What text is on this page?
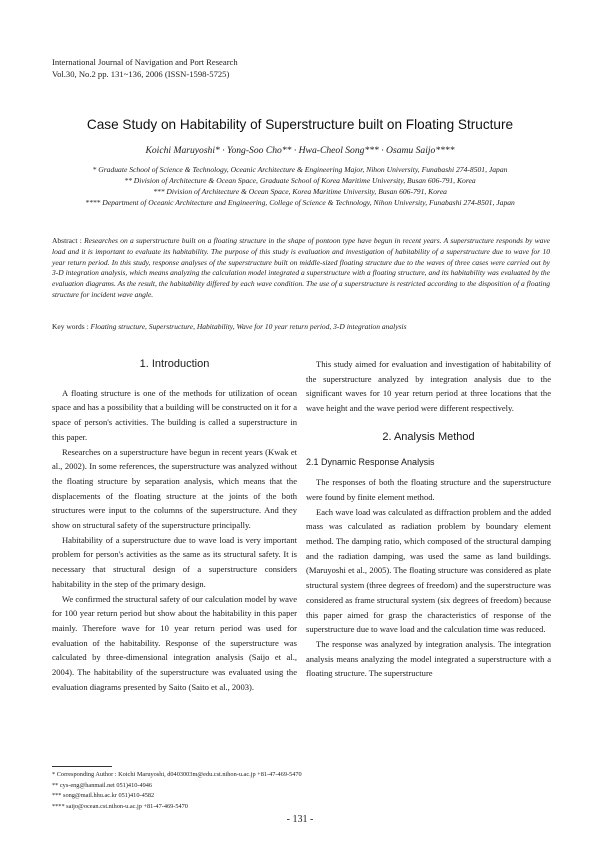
International Journal of Navigation and Port Research
Vol.30, No.2 pp. 131~136, 2006 (ISSN-1598-5725)
Case Study on Habitability of Superstructure built on Floating Structure
Koichi Maruyoshi* · Yong-Soo Cho** · Hwa-Cheol Song*** · Osamu Saijo****
* Graduate School of Science & Technology, Oceanic Architecture & Engineering Major, Nihon University, Funabashi 274-8501, Japan
** Division of Architecture & Ocean Space, Graduate School of Korea Maritime University, Busan 606-791, Korea
*** Division of Architecture & Ocean Space, Korea Maritime University, Busan 606-791, Korea
**** Department of Oceanic Architecture and Engineering, College of Science & Technology, Nihon University, Funabashi 274-8501, Japan
Abstract : Researches on a superstructure built on a floating structure in the shape of pontoon type have begun in recent years. A superstructure responds by wave load and it is important to evaluate its habitability. The purpose of this study is evaluation and investigation of habitability of a superstructure due to wave for 10 year return period. In this study, response analyses of the superstructure built on middle-sized floating structure due to the waves of three cases were carried out by 3-D integration analysis, which means analyzing the calculation model integrated a superstructure with a floating structure, and its habitability was evaluated by the evaluation diagrams. As the result, the habitability differed by each wave condition. The use of a superstructure is restricted according to the disposition of a floating structure for incident wave angle.
Key words : Floating structure, Superstructure, Habitability, Wave for 10 year return period, 3-D integration analysis
1. Introduction

A floating structure is one of the methods for utilization of ocean space and has a possibility that a building will be constructed on it for a space of person's activities. The building is called a superstructure in this paper.

Researches on a superstructure have begun in recent years (Kwak et al., 2002). In some references, the superstructure was analyzed without the floating structure by separation analysis, which means that the displacements of the floating structure at the joints of the both structures were input to the columns of the superstructure. And they show on structural safety of the superstructure principally.

Habitability of a superstructure due to wave load is very important problem for person's activities as the same as its structural safety. It is necessary that structural design of a superstructure considers habitability in the step of the primary design.

We confirmed the structural safety of our calculation model by wave for 100 year return period but show about the habitability in this paper mainly. Therefore wave for 10 year return period was used for evaluation of the habitability. Response of the superstructure was calculated by three-dimensional integration analysis (Saijo et al., 2004). The habitability of the superstructure was evaluated using the evaluation diagrams presented by Saito (Saito et al., 2003).

This study aimed for evaluation and investigation of habitability of the superstructure analyzed by integration analysis due to the significant waves for 10 year return period at three locations that the wave height and the wave period were different respectively.

2. Analysis Method
2.1 Dynamic Response Analysis

The responses of both the floating structure and the superstructure were found by finite element method.

Each wave load was calculated as diffraction problem and the added mass was calculated as radiation problem by boundary element method. The damping ratio, which composed of the structural damping and the radiation damping, was used the same as land buildings. (Maruyoshi et al., 2005). The floating structure was considered as plate structural system (three degrees of freedom) and the superstructure was considered as frame structural system (six degrees of freedom) because this paper aimed for grasp the characteristics of response of the superstructure due to wave load and the calculation time was reduced.

The response was analyzed by integration analysis. The integration analysis means analyzing the model integrated a superstructure with a floating structure. The superstructure

* Corresponding Author : Koichi Maruyoshi, d0403003m@edu.cst.nihon-u.ac.jp +81-47-469-5470
** cys-eng@hanmail.net 051)410-4946
*** song@mail.hhu.ac.kr 051)410-4582
**** saijo@ocean.cst.nihon-u.ac.jp +81-47-469-5470
- 131 -
